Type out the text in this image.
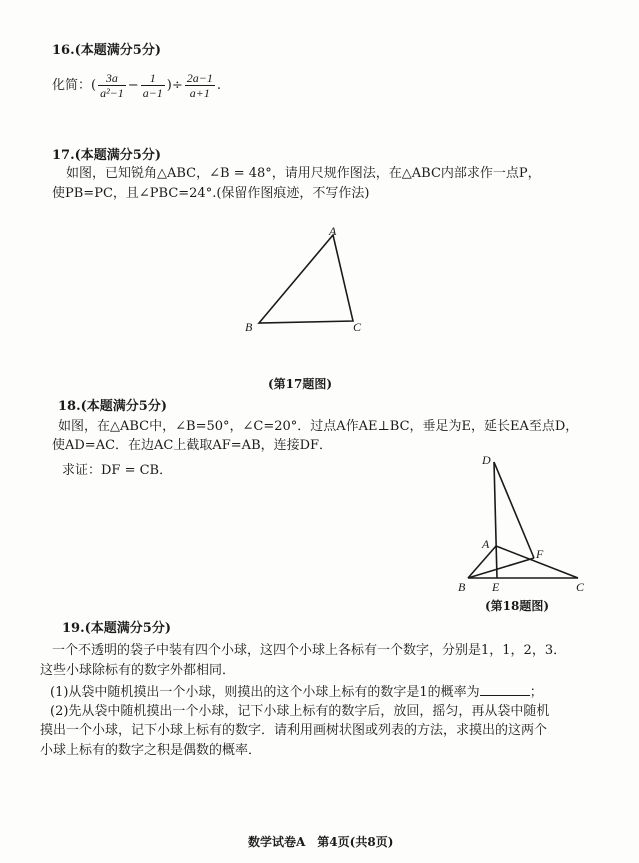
16.(本题满分5分)
化简：( $\frac{3a}{\text{a²−1}} - \frac{1}{a-1}$ )÷ $\frac{2a-1}{a+1}$ .
17.(本题满分5分)
如图，已知锐角△ABC，∠B = 48°，请用尺规作图法，在△ABC内部求作一点P，
使PB=PC，且∠PBC=24°.(保留作图痕迹，不写作法)
A
B	C
(第17题图)
18.(本题满分5分)
如图，在△ABC中，∠B=50°，∠C=20°．过点A作AE⊥BC，垂足为E，延长EA至点D，
使AD=AC．在边AC上截取AF=AB，连接DF．
求证：DF = CB．
D
A
F
B E	C
(第18题图)
19.(本题满分5分)
一个不透明的袋子中装有四个小球，这四个小球上各标有一个数字，分别是1，1，2，3．
这些小球除标有的数字外都相同．
(1)从袋中随机摸出一个小球，则摸出的这个小球上标有的数字是1的概率为	；
(2)先从袋中随机摸出一个小球，记下小球上标有的数字后，放回，摇匀，再从袋中随机
摸出一个小球，记下小球上标有的数字．请利用画树状图或列表的方法，求摸出的这两个
小球上标有的数字之积是偶数的概率．
数学试卷A　第4页(共8页)
